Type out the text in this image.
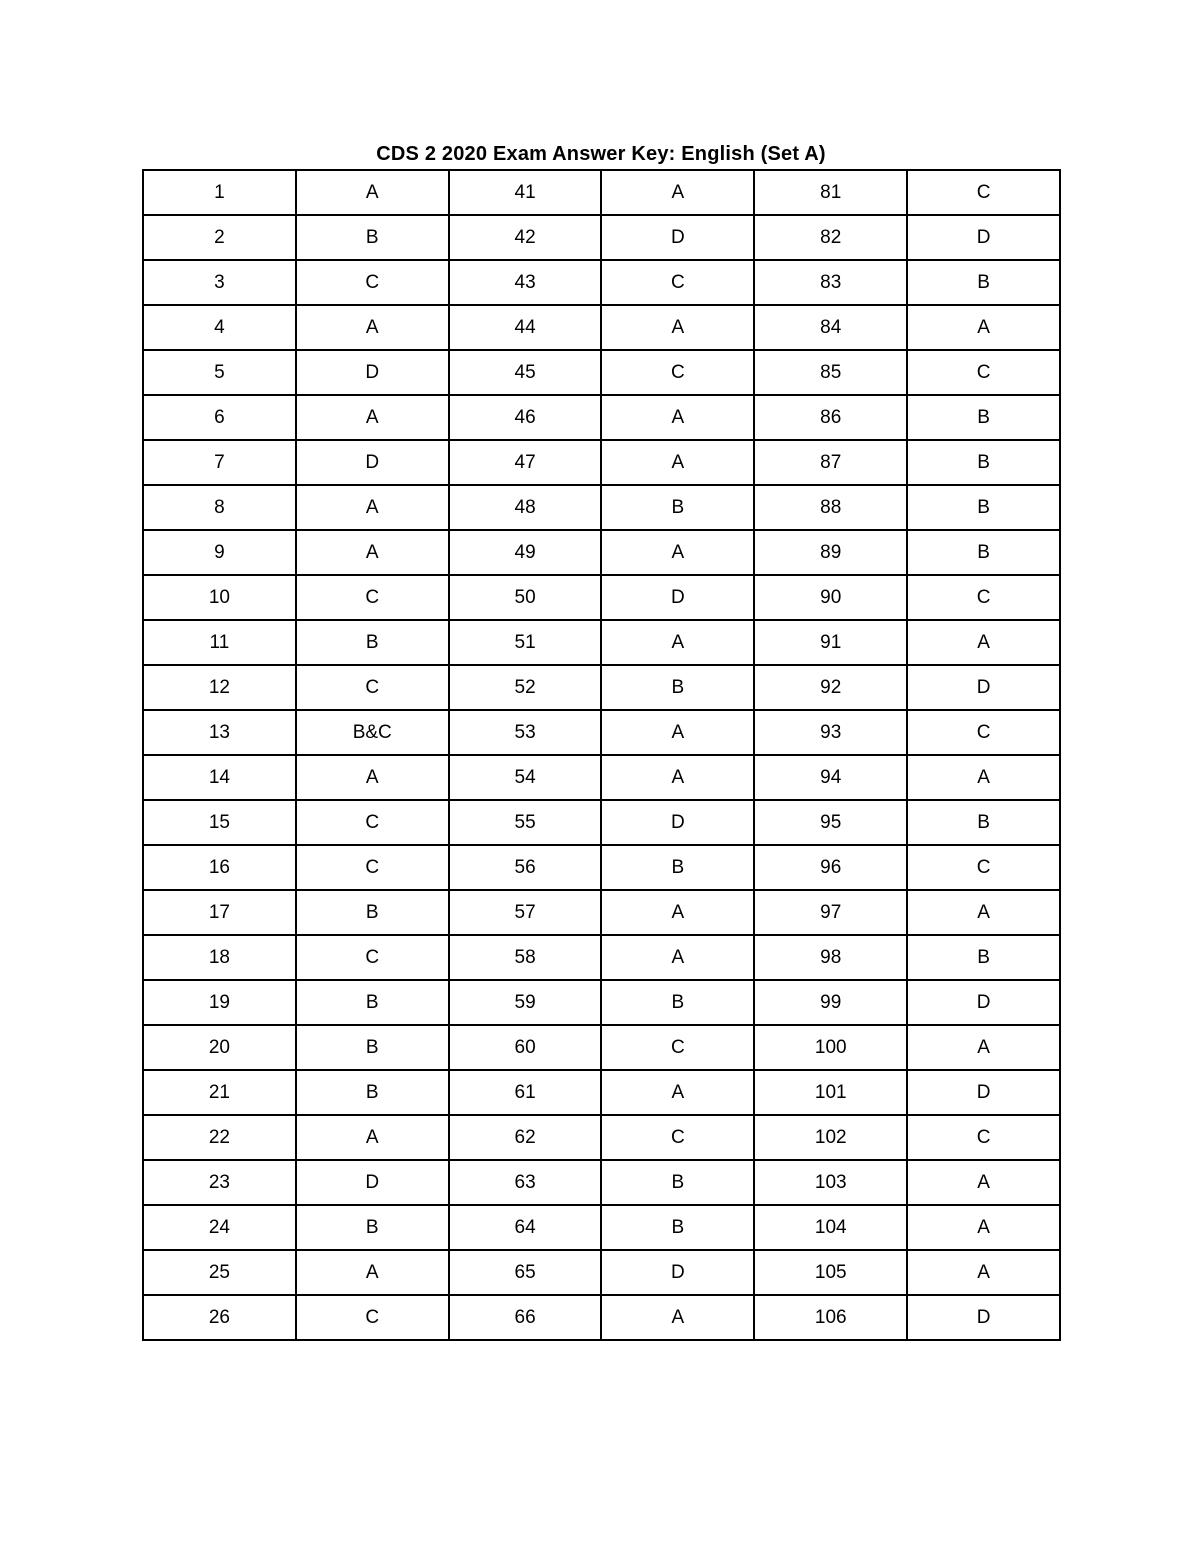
CDS 2 2020 Exam Answer Key: English (Set A)
1	A	41	A	81	C
2	B	42	D	82	D
3	C	43	C	83	B
4	A	44	A	84	A
5	D	45	C	85	C
6	A	46	A	86	B
7	D	47	A	87	B
8	A	48	B	88	B
9	A	49	A	89	B
10	C	50	D	90	C
11	B	51	A	91	A
12	C	52	B	92	D
13	B&C	53	A	93	C
14	A	54	A	94	A
15	C	55	D	95	B
16	C	56	B	96	C
17	B	57	A	97	A
18	C	58	A	98	B
19	B	59	B	99	D
20	B	60	C	100	A
21	B	61	A	101	D
22	A	62	C	102	C
23	D	63	B	103	A
24	B	64	B	104	A
25	A	65	D	105	A
26	C	66	A	106	D
